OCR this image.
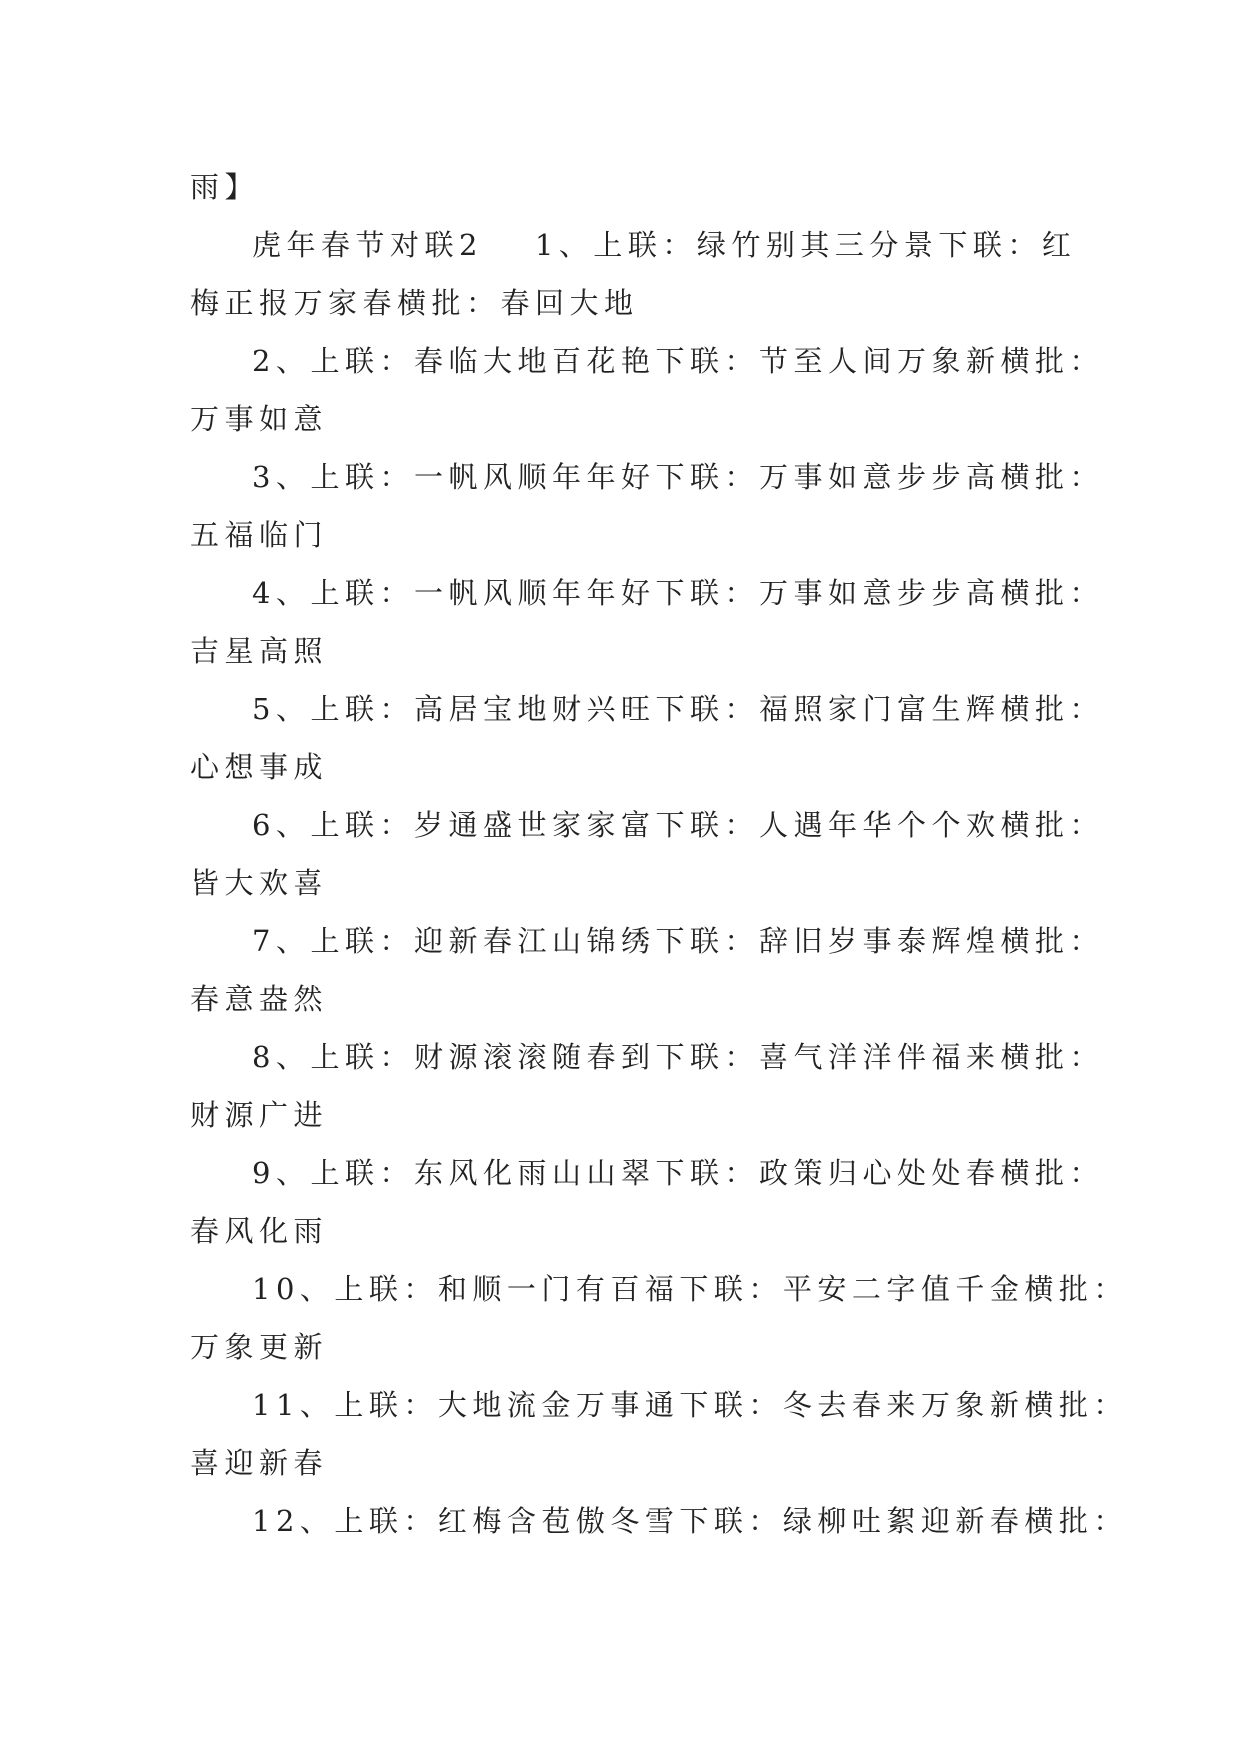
雨】
虎年春节对联2 1、上联：绿竹别其三分景下联：红
梅正报万家春横批：春回大地
2、上联：春临大地百花艳下联：节至人间万象新横批：
万事如意
3、上联：一帆风顺年年好下联：万事如意步步高横批：
五福临门
4、上联：一帆风顺年年好下联：万事如意步步高横批：
吉星高照
5、上联：高居宝地财兴旺下联：福照家门富生辉横批：
心想事成
6、上联：岁通盛世家家富下联：人遇年华个个欢横批：
皆大欢喜
7、上联：迎新春江山锦绣下联：辞旧岁事泰辉煌横批：
春意盎然
8、上联：财源滚滚随春到下联：喜气洋洋伴福来横批：
财源广进
9、上联：东风化雨山山翠下联：政策归心处处春横批：
春风化雨
10、上联：和顺一门有百福下联：平安二字值千金横批：
万象更新
11、上联：大地流金万事通下联：冬去春来万象新横批：
喜迎新春
12、上联：红梅含苞傲冬雪下联：绿柳吐絮迎新春横批：
